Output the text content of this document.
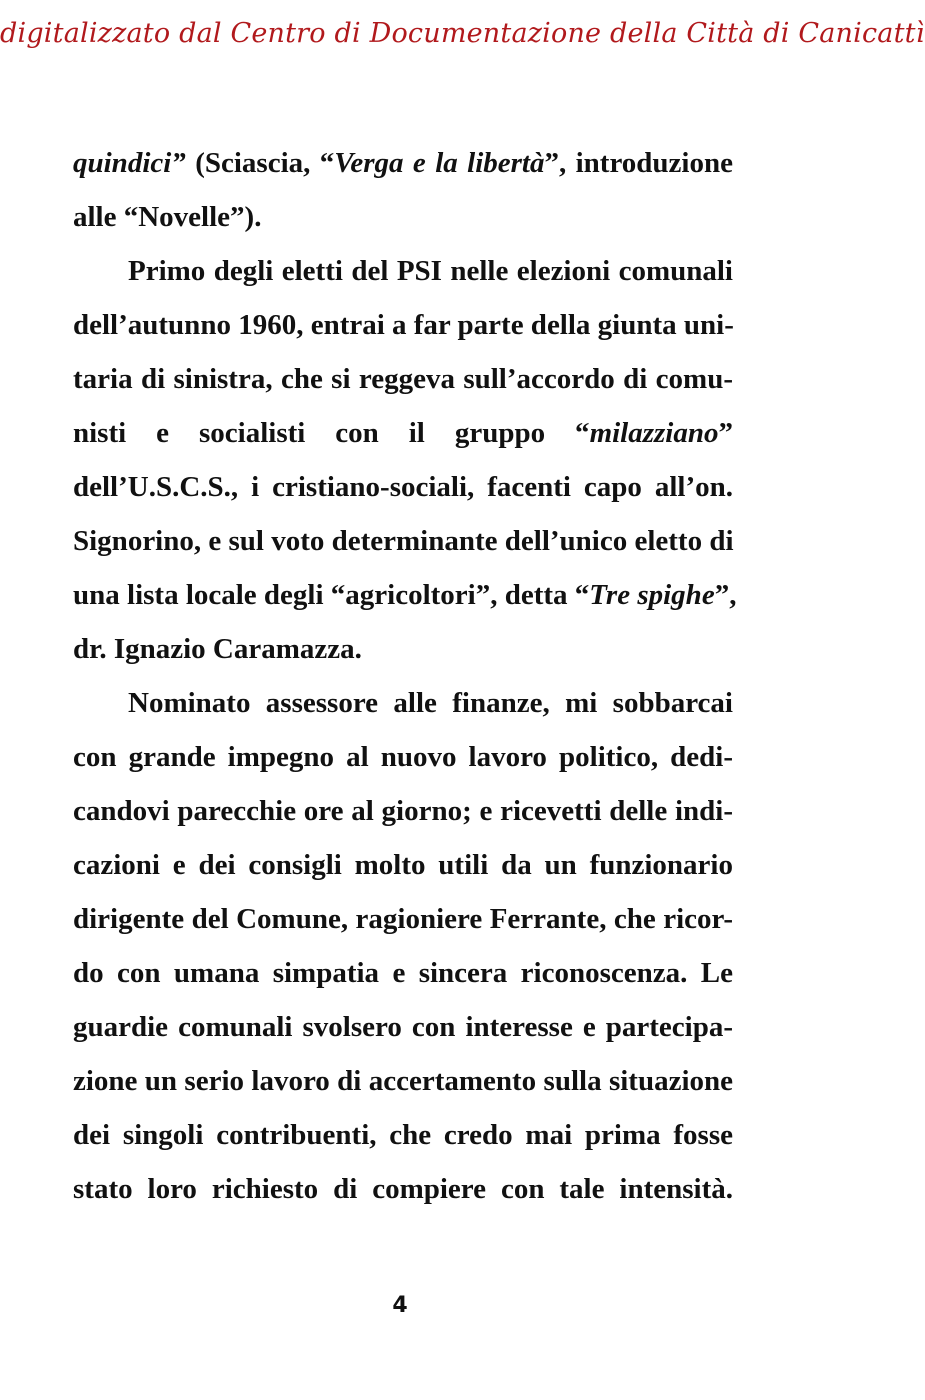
digitalizzato dal Centro di Documentazione della Città di Canicattì
quindici” (Sciascia, “Verga e la libertà”, introduzione
alle “Novelle”).
Primo degli eletti del PSI nelle elezioni comunali
dell’autunno 1960, entrai a far parte della giunta uni-
taria di sinistra, che si reggeva sull’accordo di comu-
nisti e socialisti con il gruppo “milazziano”
dell’U.S.C.S., i cristiano-sociali, facenti capo all’on.
Signorino, e sul voto determinante dell’unico eletto di
una lista locale degli “agricoltori”, detta “Tre spighe”,
dr. Ignazio Caramazza.
Nominato assessore alle finanze, mi sobbarcai
con grande impegno al nuovo lavoro politico, dedi-
candovi parecchie ore al giorno; e ricevetti delle indi-
cazioni e dei consigli molto utili da un funzionario
dirigente del Comune, ragioniere Ferrante, che ricor-
do con umana simpatia e sincera riconoscenza. Le
guardie comunali svolsero con interesse e partecipa-
zione un serio lavoro di accertamento sulla situazione
dei singoli contribuenti, che credo mai prima fosse
stato loro richiesto di compiere con tale intensità.
4
